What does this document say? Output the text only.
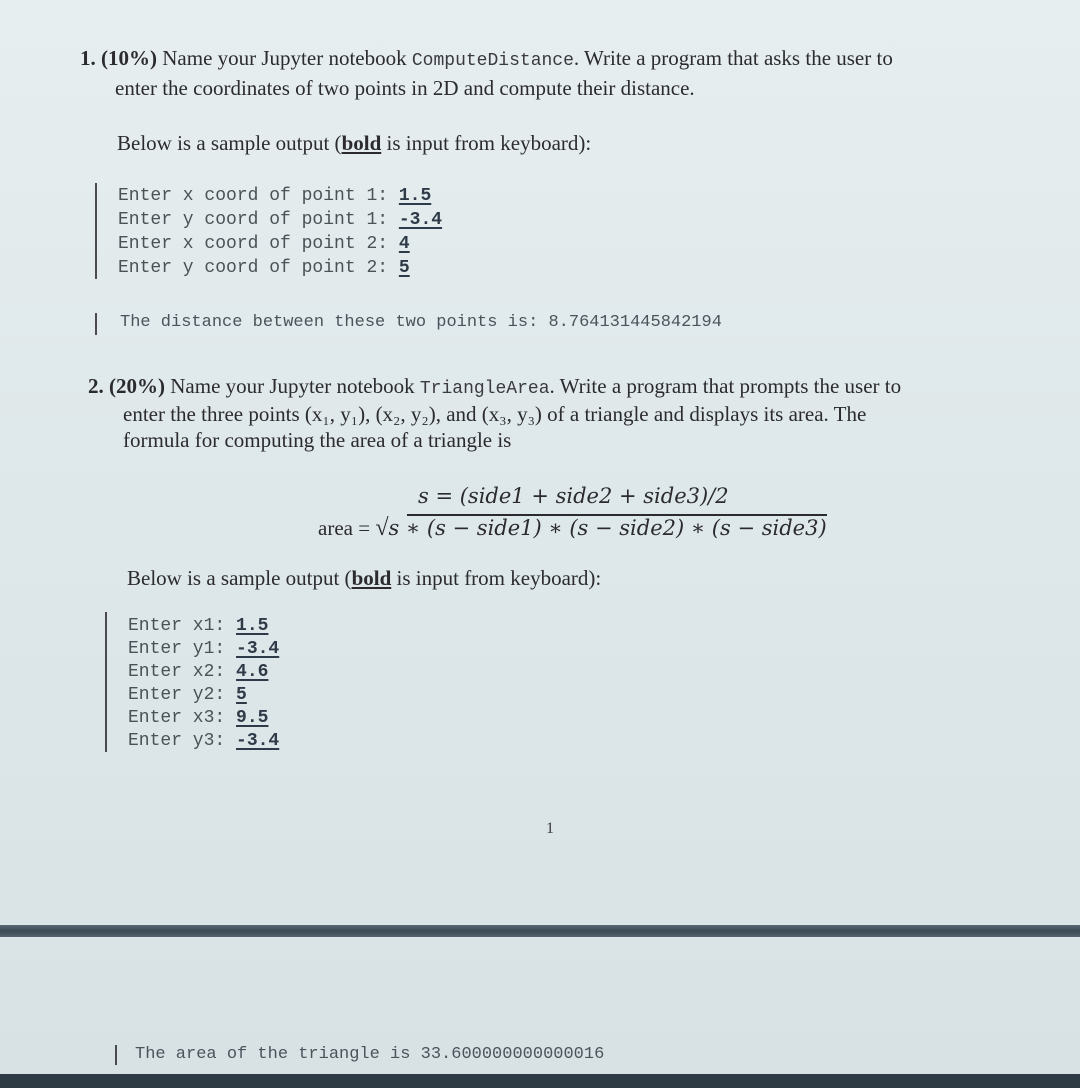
1. (10%) Name your Jupyter notebook ComputeDistance. Write a program that asks the user to
enter the coordinates of two points in 2D and compute their distance.
Below is a sample output (bold is input from keyboard):
Enter x coord of point 1: 1.5
Enter y coord of point 1: -3.4
Enter x coord of point 2: 4
Enter y coord of point 2: 5
The distance between these two points is: 8.764131445842194
2. (20%) Name your Jupyter notebook TriangleArea. Write a program that prompts the user to
enter the three points (x₁, y₁), (x₂, y₂), and (x₃, y₃) of a triangle and displays its area. The
formula for computing the area of a triangle is
s = (side1 + side2 + side3)/2
area = √s ∗ (s − side1) ∗ (s − side2) ∗ (s − side3)
Below is a sample output (bold is input from keyboard):
Enter x1: 1.5
Enter y1: -3.4
Enter x2: 4.6
Enter y2: 5
Enter x3: 9.5
Enter y3: -3.4
1
The area of the triangle is 33.600000000000016
